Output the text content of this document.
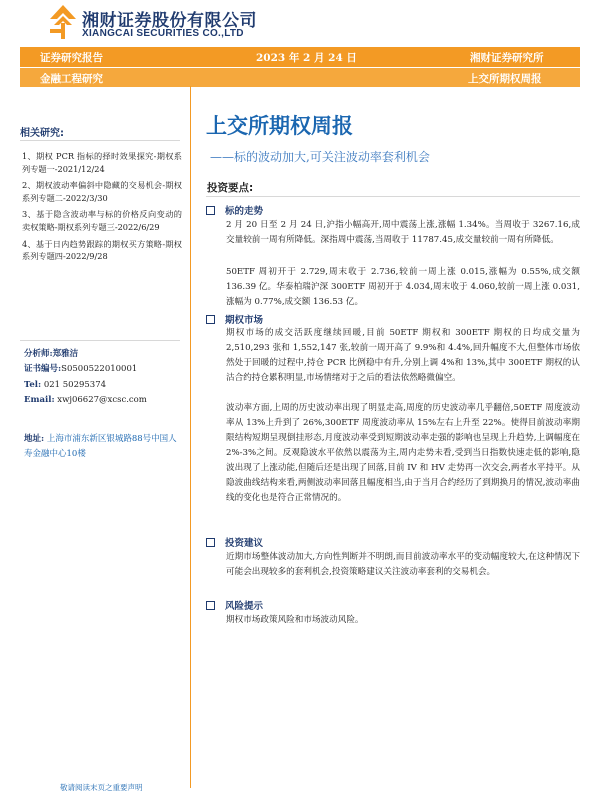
湘财证券股份有限公司
XIANGCAI SECURITIES CO.,LTD
证券研究报告	2023 年 2 月 24 日	湘财证券研究所
金融工程研究	上交所期权周报
相关研究:
1、期权 PCR 指标的择时效果探究-期权系列专题一-2021/12/24
2、期权波动率偏斜中隐藏的交易机会-期权系列专题二-2022/3/30
3、基于隐含波动率与标的价格反向变动的卖权策略-期权系列专题三-2022/6/29
4、基于日内趋势跟踪的期权买方策略-期权系列专题四-2022/9/28
分析师:郑雅洁
证书编号:S0500522010001
Tel: 021 50295374
Email: xwj06627@xcsc.com
地址: 上海市浦东新区银城路88号中国人寿金融中心10楼
上交所期权周报
——标的波动加大,可关注波动率套利机会
投资要点:
标的走势
2 月 20 日至 2 月 24 日,沪指小幅高开,周中震荡上涨,涨幅 1.34%。当周收于 3267.16,成交量较前一周有所降低。深指周中震荡,当周收于 11787.45,成交量较前一周有所降低。
50ETF 周初开于 2.729,周末收于 2.736,较前一周上涨 0.015,涨幅为 0.55%,成交额 136.39 亿。华泰柏瑞沪深 300ETF 周初开于 4.034,周末收于 4.060,较前一周上涨 0.031,涨幅为 0.77%,成交额 136.53 亿。
期权市场
期权市场的成交活跃度继续回暖,目前 50ETF 期权和 300ETF 期权的日均成交量为 2,510,293 张和 1,552,147 张,较前一周开高了 9.9%和 4.4%,回升幅度不大,但整体市场依然处于回暖的过程中,持仓 PCR 比例稳中有升,分别上调 4%和 13%,其中 300ETF 期权的认沽合约持仓累积明显,市场情绪对于之后的看法依然略微偏空。
波动率方面,上周的历史波动率出现了明显走高,周度的历史波动率几乎翻倍,50ETF 周度波动率从 13%上升到了 26%,300ETF 周度波动率从 15%左右上升至 22%。使得目前波动率期限结构短期呈现倒挂形态,月度波动率受到短期波动率走强的影响也呈现上升趋势,上调幅度在 2%-3%之间。反观隐波水平依然以震荡为主,周内走势未看,受到当日指数快速走低的影响,隐波出现了上涨动能,但随后还是出现了回落,目前 IV 和 HV 走势再一次交会,两者水平持平。从隐波曲线结构来看,两侧波动率回落且幅度相当,由于当月合约经历了到期换月的情况,波动率曲线的变化也是符合正常情况的。
投资建议
近期市场整体波动加大,方向性判断并不明朗,而目前波动率水平的变动幅度较大,在这种情况下可能会出现较多的套利机会,投资策略建议关注波动率套利的交易机会。
风险提示
期权市场政策风险和市场波动风险。
敬请阅读末页之重要声明
